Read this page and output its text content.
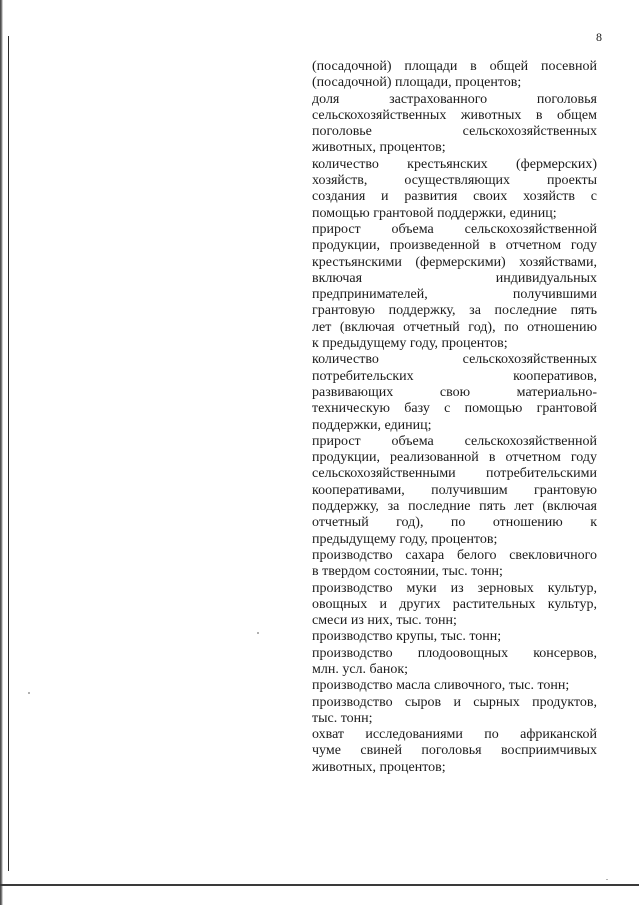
8

(посадочной) площади в общей посевной

(посадочной) площади, процентов;

доля застрахованного поголовья

сельскохозяйственных животных в общем

поголовье сельскохозяйственных

животных, процентов;

количество крестьянских (фермерских)

хозяйств, осуществляющих проекты

создания и развития своих хозяйств с

помощью грантовой поддержки, единиц;

прирост объема сельскохозяйственной

продукции, произведенной в отчетном году

крестьянскими (фермерскими) хозяйствами,

включая индивидуальных

предпринимателей, получившими

грантовую поддержку, за последние пять

лет (включая отчетный год), по отношению

к предыдущему году, процентов;

количество сельскохозяйственных

потребительских кооперативов,

развивающих свою материально-

техническую базу с помощью грантовой

поддержки, единиц;

прирост объема сельскохозяйственной

продукции, реализованной в отчетном году

сельскохозяйственными потребительскими

кооперативами, получившим грантовую

поддержку, за последние пять лет (включая

отчетный год), по отношению к

предыдущему году, процентов;

производство сахара белого свекловичного

в твердом состоянии, тыс. тонн;

производство муки из зерновых культур,

овощных и других растительных культур,

смеси из них, тыс. тонн;

производство крупы, тыс. тонн;

производство плодоовощных консервов,

млн. усл. банок;

производство масла сливочного, тыс. тонн;

производство сыров и сырных продуктов,

тыс. тонн;

охват исследованиями по африканской

чуме свиней поголовья восприимчивых

животных, процентов;
